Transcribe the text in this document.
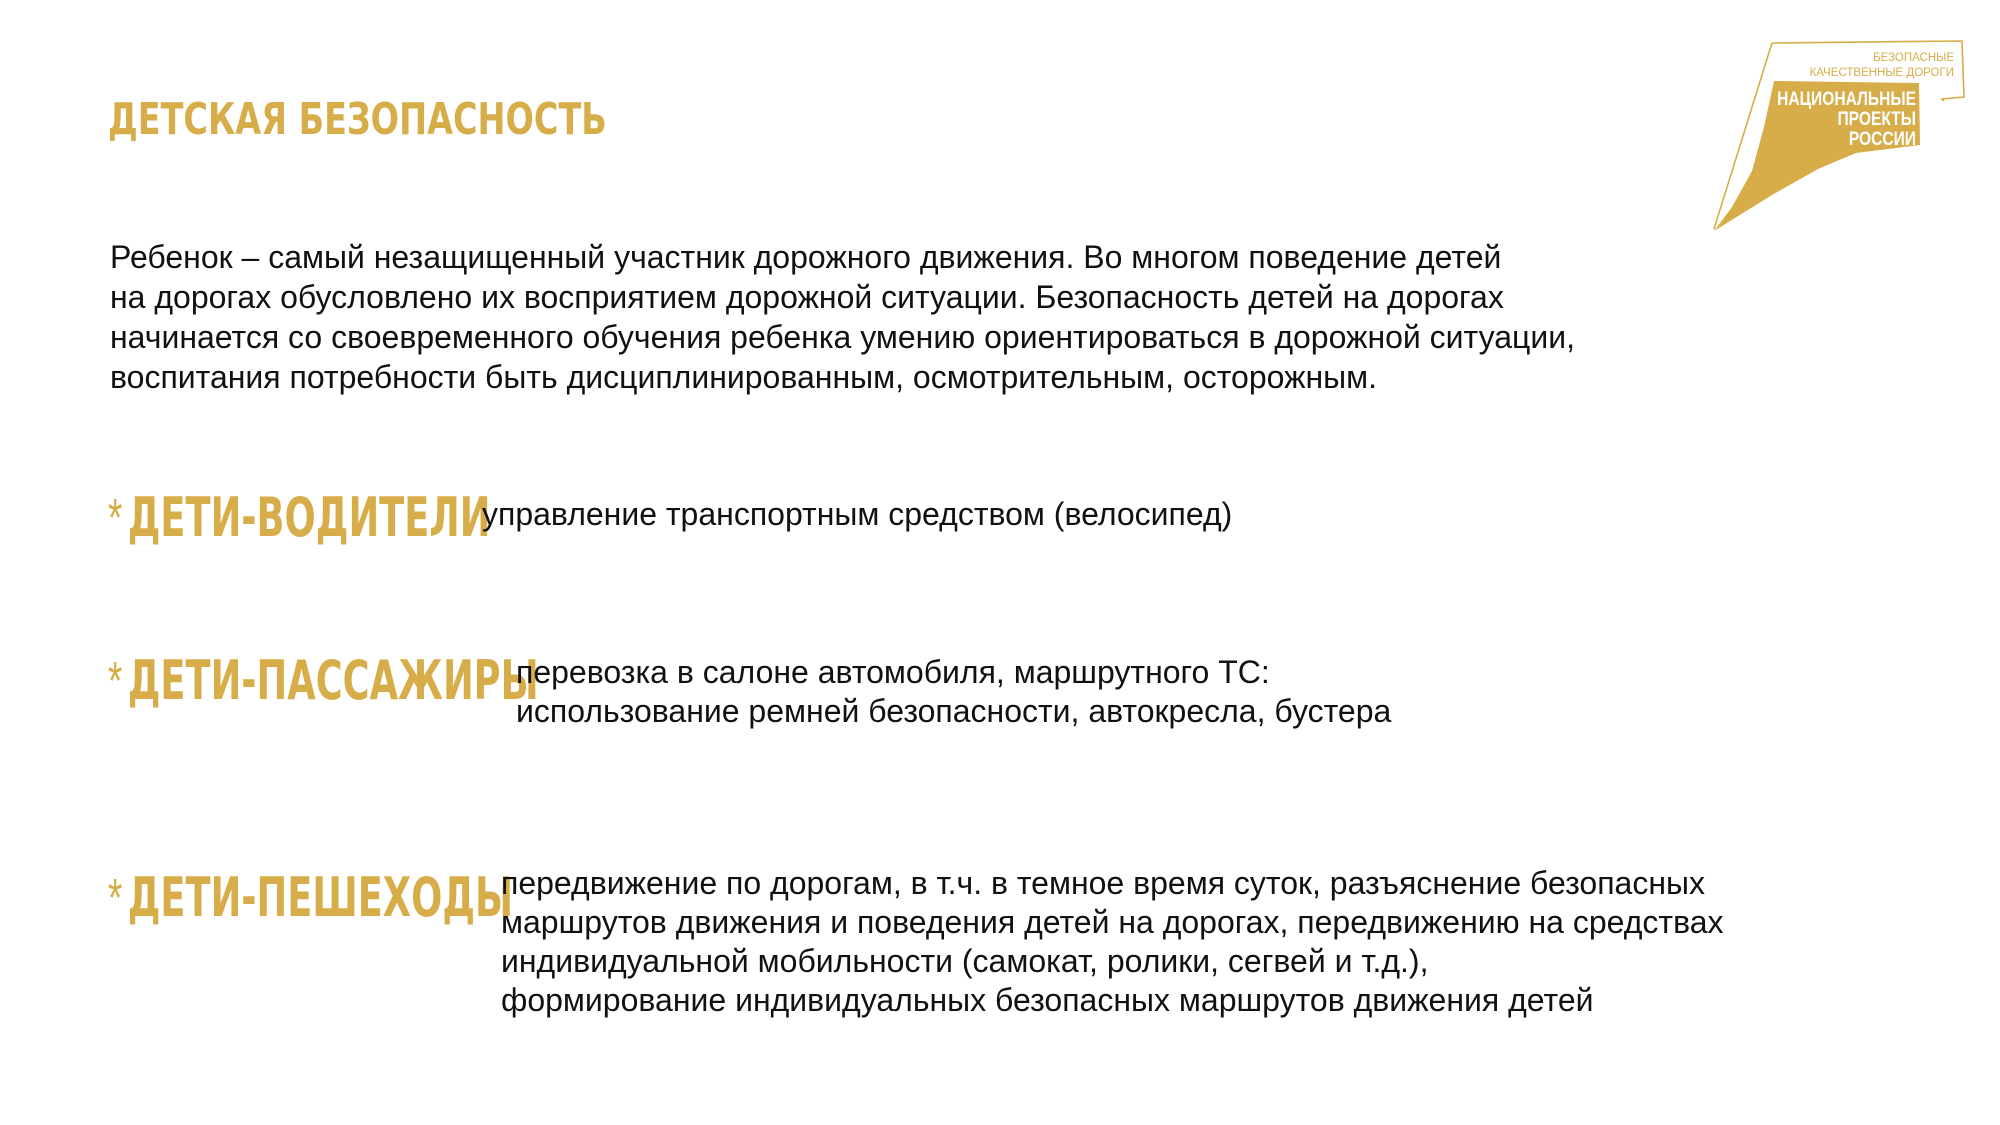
ДЕТСКАЯ БЕЗОПАСНОСТЬ

Ребенок – самый незащищенный участник дорожного движения. Во многом поведение детей
на дорогах обусловлено их восприятием дорожной ситуации. Безопасность детей на дорогах
начинается со своевременного обучения ребенка умению ориентироваться в дорожной ситуации,
воспитания потребности быть дисциплинированным, осмотрительным, осторожным.

* ДЕТИ-ВОДИТЕЛИ

управление транспортным средством (велосипед)

* ДЕТИ-ПАССАЖИРЫ

перевозка в салоне автомобиля, маршрутного ТС:
использование ремней безопасности, автокресла, бустера

* ДЕТИ-ПЕШЕХОДЫ

передвижение по дорогам, в т.ч. в темное время суток, разъяснение безопасных
маршрутов движения и поведения детей на дорогах, передвижению на средствах
индивидуальной мобильности (самокат, ролики, сегвей и т.д.),
формирование индивидуальных безопасных маршрутов движения детей

БЕЗОПАСНЫЕ
КАЧЕСТВЕННЫЕ ДОРОГИ
НАЦИОНАЛЬНЫЕ
ПРОЕКТЫ
РОССИИ
